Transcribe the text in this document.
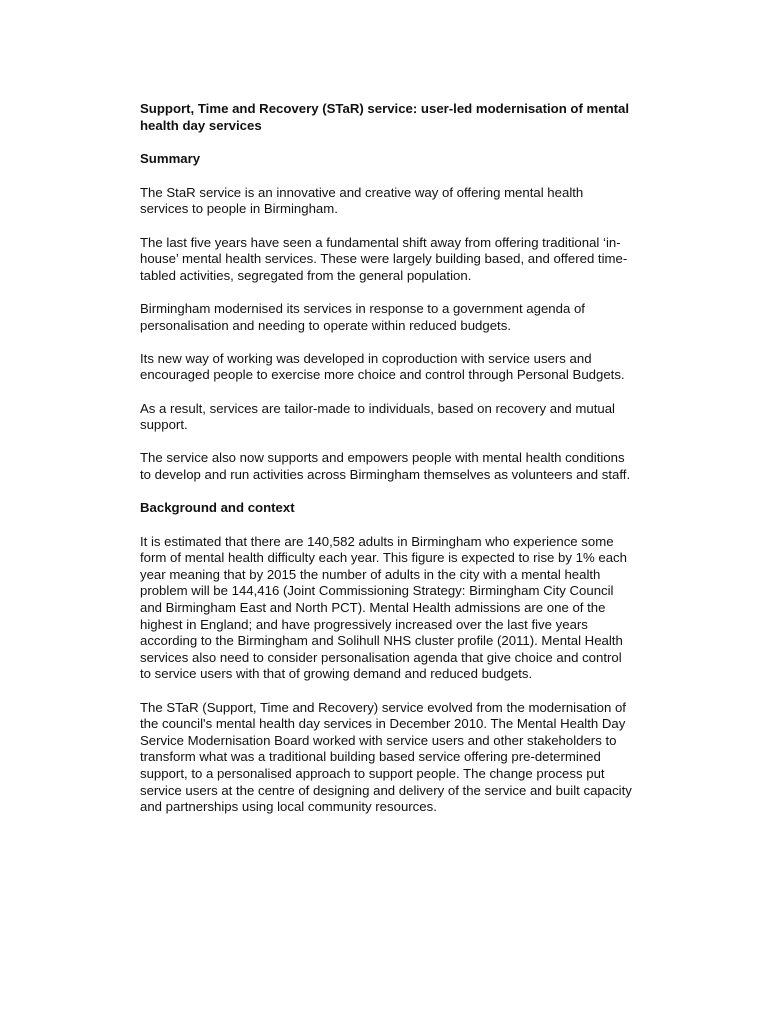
Support, Time and Recovery (STaR) service: user-led modernisation of mental health day services

Summary

The StaR service is an innovative and creative way of offering mental health services to people in Birmingham.

The last five years have seen a fundamental shift away from offering traditional ‘in-house’ mental health services. These were largely building based, and offered time-tabled activities, segregated from the general population.

Birmingham modernised its services in response to a government agenda of personalisation and needing to operate within reduced budgets.

Its new way of working was developed in coproduction with service users and encouraged people to exercise more choice and control through Personal Budgets.

As a result, services are tailor-made to individuals, based on recovery and mutual support.

The service also now supports and empowers people with mental health conditions to develop and run activities across Birmingham themselves as volunteers and staff.

Background and context

It is estimated that there are 140,582 adults in Birmingham who experience some form of mental health difficulty each year. This figure is expected to rise by 1% each year meaning that by 2015 the number of adults in the city with a mental health problem will be 144,416 (Joint Commissioning Strategy: Birmingham City Council and Birmingham East and North PCT). Mental Health admissions are one of the highest in England; and have progressively increased over the last five years according to the Birmingham and Solihull NHS cluster profile (2011). Mental Health services also need to consider personalisation agenda that give choice and control to service users with that of growing demand and reduced budgets.

The STaR (Support, Time and Recovery) service evolved from the modernisation of the council's mental health day services in December 2010. The Mental Health Day Service Modernisation Board worked with service users and other stakeholders to transform what was a traditional building based service offering pre-determined support, to a personalised approach to support people. The change process put service users at the centre of designing and delivery of the service and built capacity and partnerships using local community resources.
